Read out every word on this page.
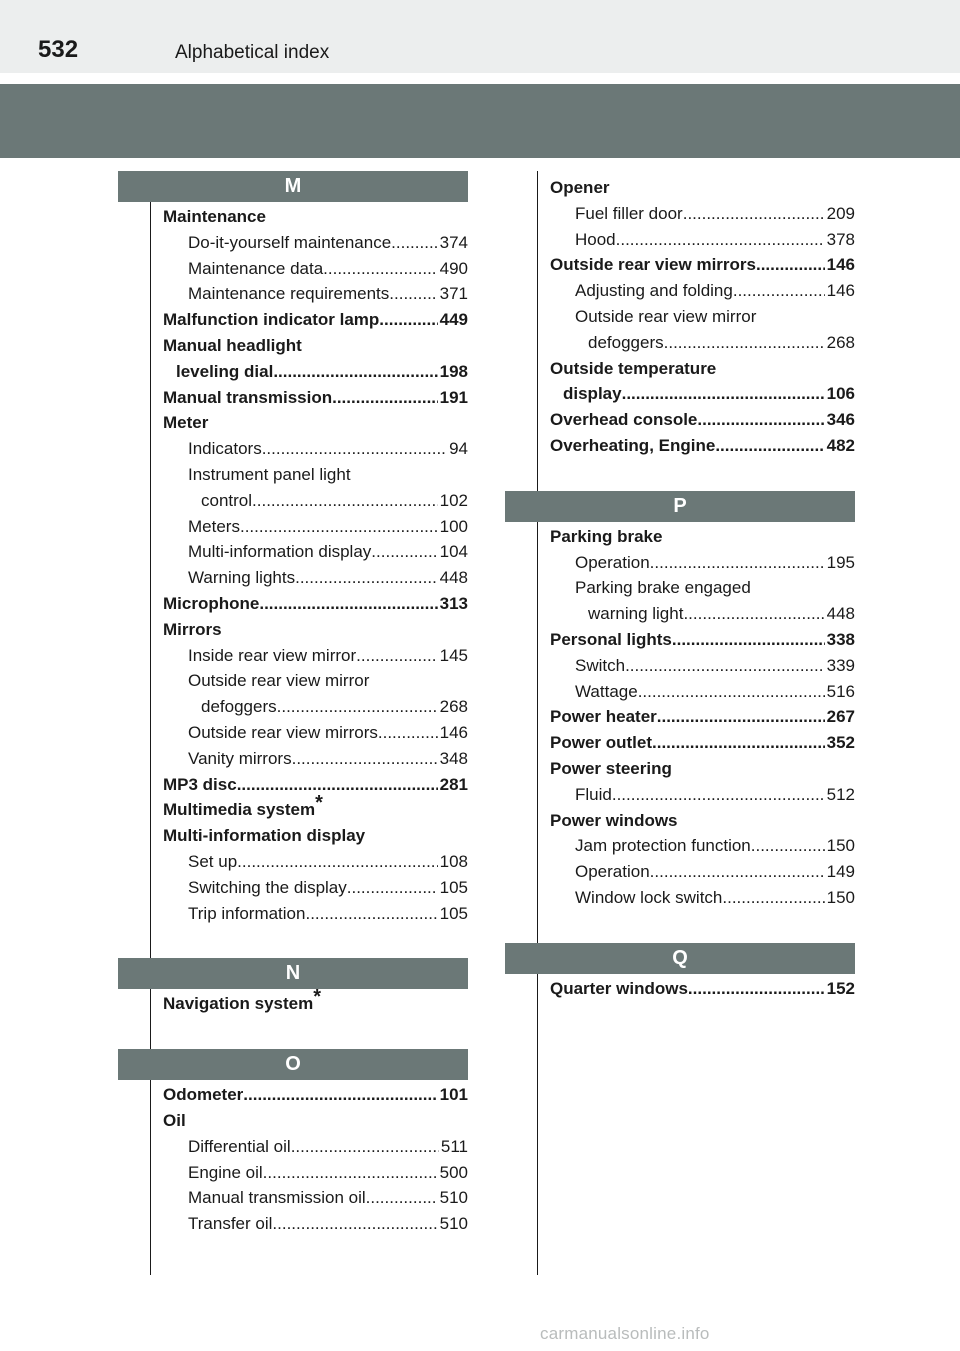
532	Alphabetical index
M
Maintenance
Do-it-yourself maintenance .....	374
Maintenance data .....	490
Maintenance requirements .....	371
Malfunction indicator lamp .....	449
Manual headlight
leveling dial .....	198
Manual transmission .....	191
Meter
Indicators .....	94
Instrument panel light
control .....	102
Meters .....	100
Multi-information display .....	104
Warning lights .....	448
Microphone .....	313
Mirrors
Inside rear view mirror .....	145
Outside rear view mirror
defoggers .....	268
Outside rear view mirrors .....	146
Vanity mirrors .....	348
MP3 disc .....	281
Multimedia system*
Multi-information display
Set up .....	108
Switching the display .....	105
Trip information .....	105
N
Navigation system*
O
Odometer .....	101
Oil
Differential oil .....	511
Engine oil .....	500
Manual transmission oil .....	510
Transfer oil .....	510
Opener
Fuel filler door .....	209
Hood .....	378
Outside rear view mirrors .....	146
Adjusting and folding .....	146
Outside rear view mirror
defoggers .....	268
Outside temperature
display .....	106
Overhead console .....	346
Overheating, Engine .....	482
P
Parking brake
Operation .....	195
Parking brake engaged
warning light .....	448
Personal lights .....	338
Switch .....	339
Wattage .....	516
Power heater .....	267
Power outlet .....	352
Power steering
Fluid .....	512
Power windows
Jam protection function .....	150
Operation .....	149
Window lock switch .....	150
Q
Quarter windows .....	152
carmanualsonline.info
